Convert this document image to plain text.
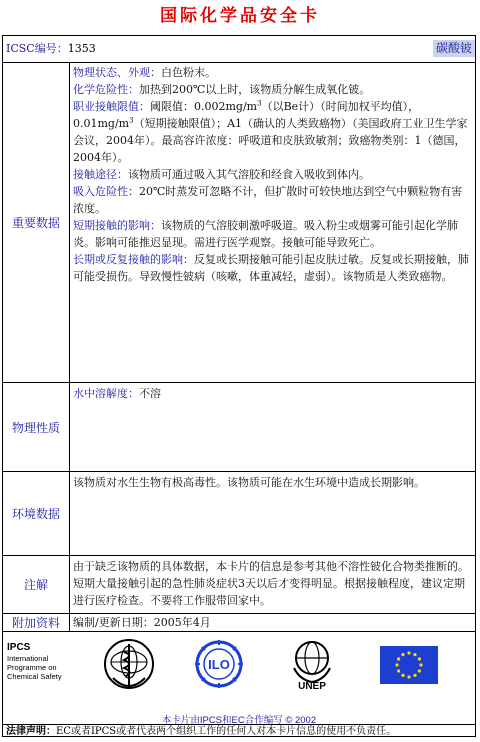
国际化学品安全卡
ICSC编号：1353	碳酸铍
重要数据

物理状态、外观：白色粉末。

化学危险性：加热到200℃以上时，该物质分解生成氧化铍。

职业接触限值：阈限值：$0.002mg/m^3$（以Be计）（时间加权平均值），$0.01mg/m^3$（短期接触限值）；A1（确认的人类致癌物）（美国政府工业卫生学家会议，2004年）。最高容许浓度：呼吸道和皮肤致敏剂；致癌物类别：1（德国，2004年）。

接触途径：该物质可通过吸入其气溶胶和经食入吸收到体内。

吸入危险性：20℃时蒸发可忽略不计，但扩散时可较快地达到空气中颗粒物有害浓度。

短期接触的影响：该物质的气溶胶刺激呼吸道。吸入粉尘或烟雾可能引起化学肺炎。影响可能推迟显现。需进行医学观察。接触可能导致死亡。

长期或反复接触的影响：反复或长期接触可能引起皮肤过敏。反复或长期接触，肺可能受损伤。导致慢性铍病（咳嗽，体重减轻，虚弱）。该物质是人类致癌物。

物理性质

水中溶解度：不溶

环境数据
该物质对水生生物有极高毒性。该物质可能在水生环境中造成长期影响。
注解
由于缺乏该物质的具体数据，本卡片的信息是参考其他不溶性铍化合物类推断的。短期大量接触引起的急性肺炎症状3天以后才变得明显。根据接触程度，建议定期进行医疗检查。不要将工作服带回家中。
附加资料	编制/更新日期：2005年4月
IPCS
International
Programme on
Chemical Safety
ILO
UNEP
本卡片由IPCS和EC合作编写 © 2002
法律声明：EC或者IPCS或者代表两个组织工作的任何人对本卡片信息的使用不负责任。
